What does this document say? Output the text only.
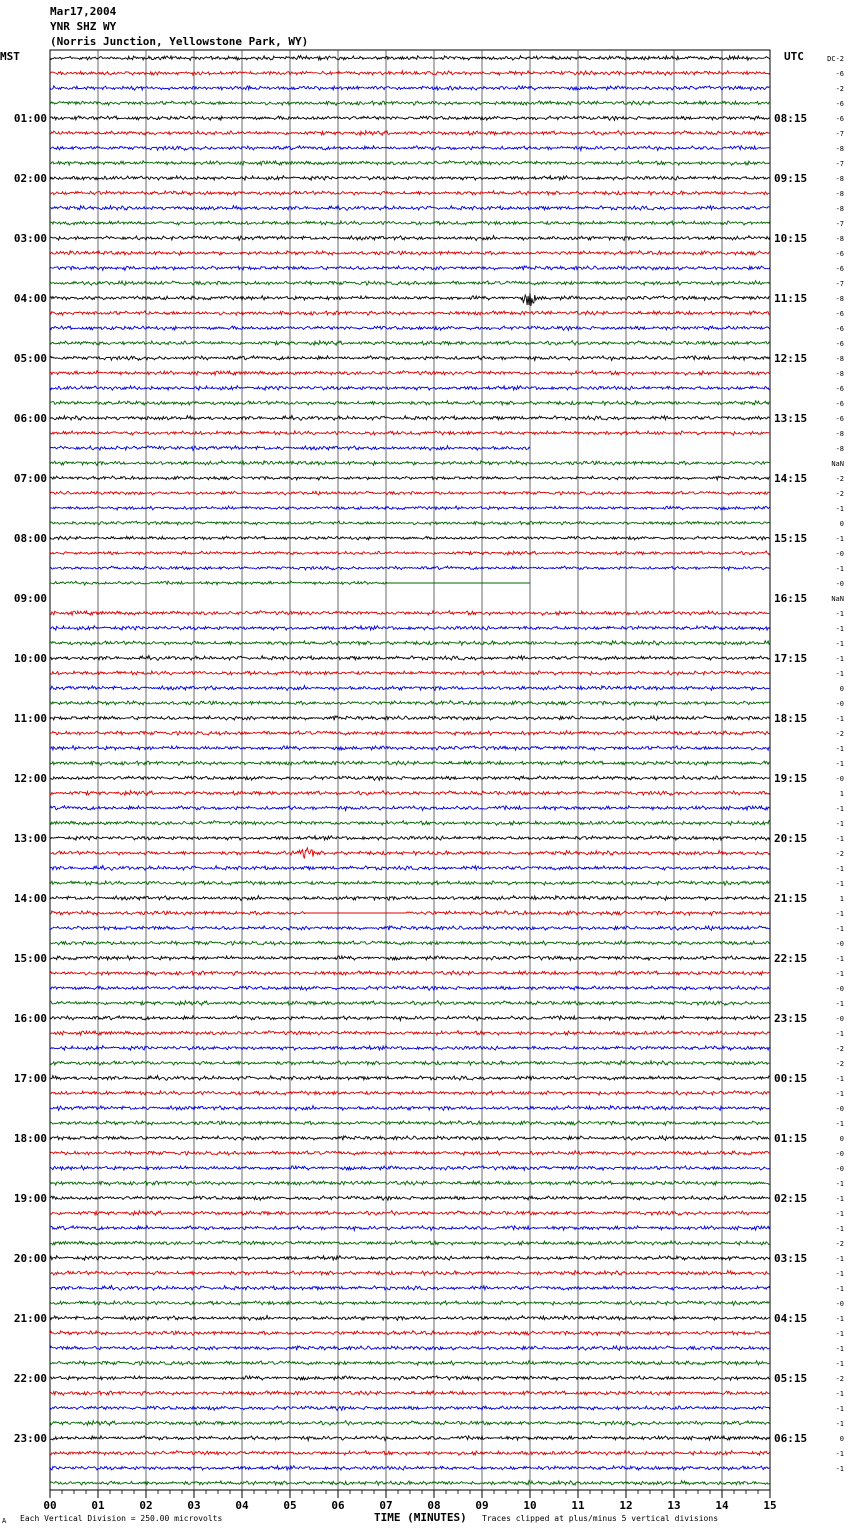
Mar17,2004
YNR SHZ WY
(Norris Junction, Yellowstone Park, WY)
MST	UTC
01:00
02:00
03:00
04:00
05:00
06:00
07:00
08:00
09:00
10:00
11:00
12:00
13:00
14:00
15:00
16:00
17:00
18:00
19:00
20:00
21:00
22:00
23:00
08:15
09:15
10:15
11:15
12:15
13:15
14:15
15:15
16:15
17:15
18:15
19:15
20:15
21:15
22:15
23:15
00:15
01:15
02:15
03:15
04:15
05:15
06:15
DC-2
-6
-2
-6
-6
-7
-8
-7
-8
-8
-8
-7
-8
-6
-6
-7
-8
-6
-6
-6
-8
-8
-6
-6
-6
-8
-8
NaN
-2
-2
-1
0
-1
-0
-1
-0
NaN
-1
-1
-1
-1
-1
0
-0
-1
-2
-1
-1
-0
1
-1
-1
-1
-2
-1
-1
1
-1
-1
-0
-1
-1
-0
-1
-0
-1
-2
-2
-1
-1
-0
-1
0
-0
-0
-1
-1
-1
-1
-2
-1
-1
-1
-0
-1
-1
-1
-1
-2
-1
-1
-1
0
-1
-1
00	01	02	03	04	05	06	07	08	09	10	11	12	13	14	15
A Each Vertical Division = 250.00 microvolts	TIME (MINUTES) Traces clipped at plus/minus 5 vertical divisions
